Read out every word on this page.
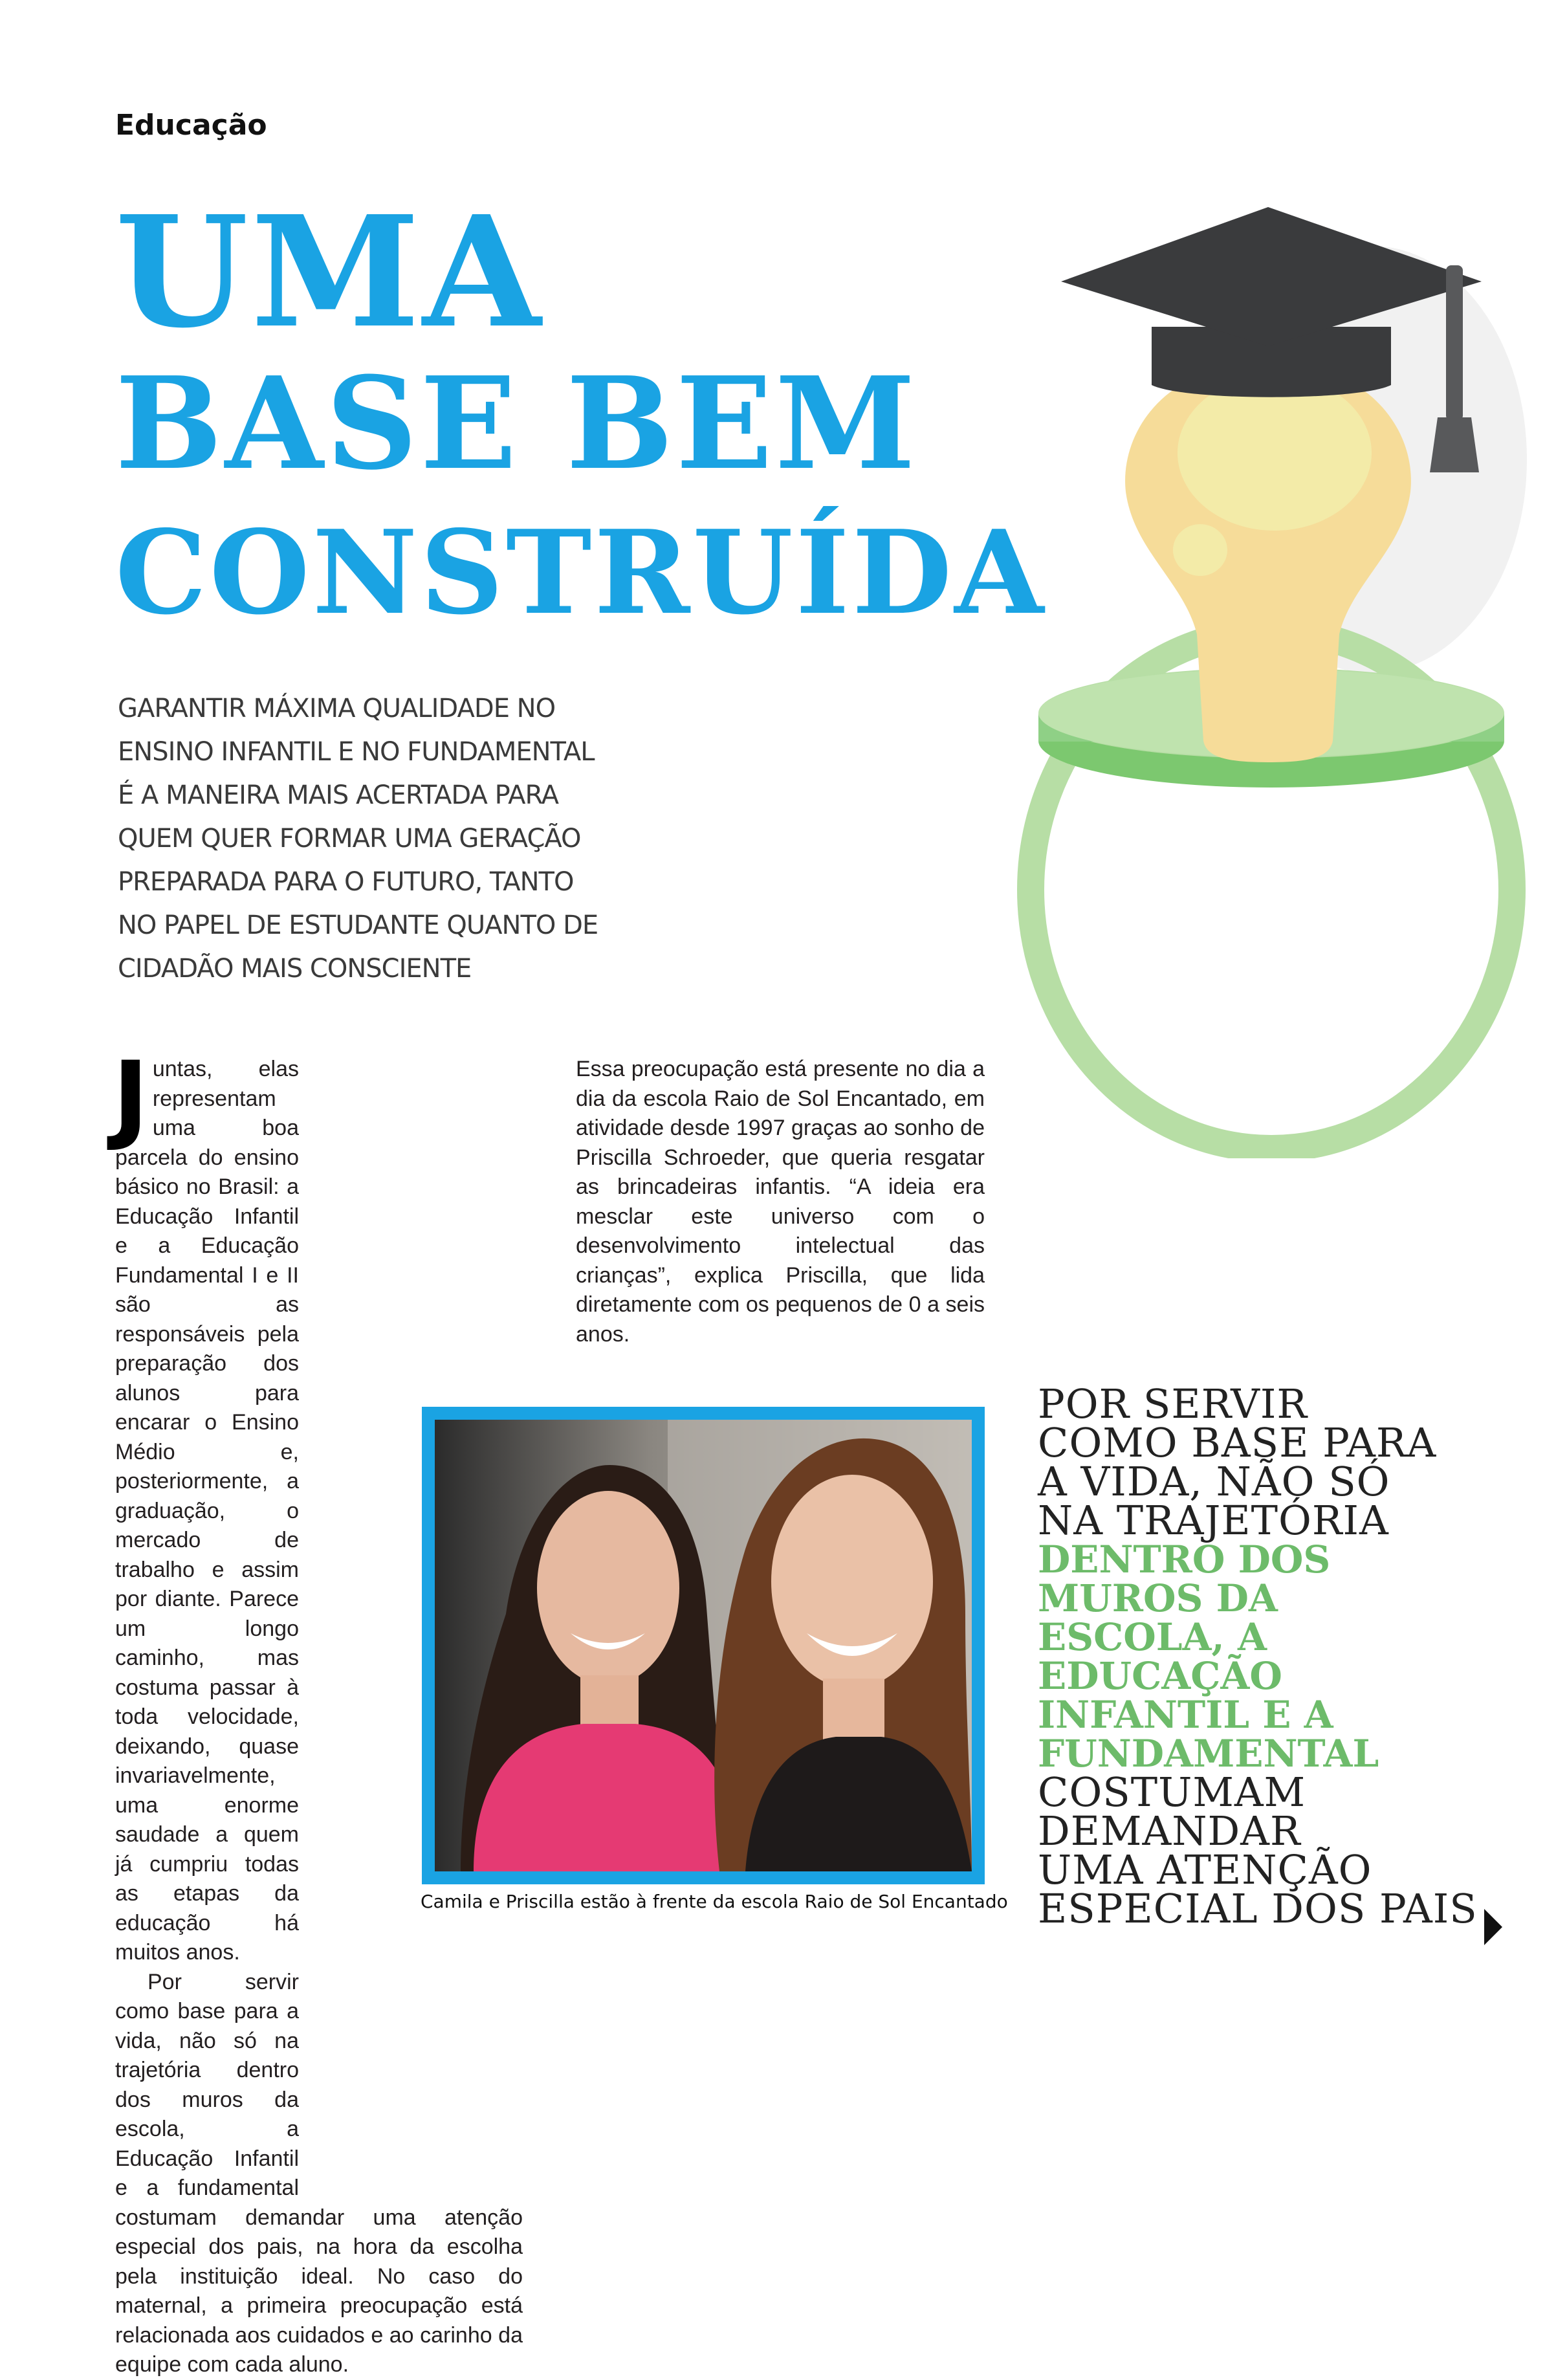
Educação
UMA
BASE BEM
CONSTRUÍDA
GARANTIR MÁXIMA QUALIDADE NO
ENSINO INFANTIL E NO FUNDAMENTAL
É A MANEIRA MAIS ACERTADA PARA
QUEM QUER FORMAR UMA GERAÇÃO
PREPARADA PARA O FUTURO, TANTO
NO PAPEL DE ESTUDANTE QUANTO DE
CIDADÃO MAIS CONSCIENTE

Juntas, elas representam uma boa parcela do ensino básico no Brasil: a Educação Infantil e a Educação Fundamental I e II são as responsáveis pela preparação dos alunos para encarar o Ensino Médio e, posteriormente, a graduação, o mercado de trabalho e assim por diante. Parece um longo caminho, mas costuma passar à toda velocidade, deixando, quase invariavelmente, uma enorme saudade a quem já cumpriu todas as etapas da educação há muitos anos.

Por servir como base para a vida, não só na trajetória dentro dos muros da escola, a Educação Infantil e a fundamental costumam demandar uma atenção especial dos pais, na hora da escolha pela instituição ideal. No caso do maternal, a primeira preocupação está relacionada aos cuidados e ao carinho da equipe com cada aluno.

Essa preocupação está presente no dia a dia da escola Raio de Sol Encantado, em atividade desde 1997 graças ao sonho de Priscilla Schroeder, que queria resgatar as brincadeiras infantis. “A ideia era mesclar este universo com o desenvolvimento intelectual das crianças”, explica Priscilla, que lida diretamente com os pequenos de 0 a seis anos.

Camila e Priscilla estão à frente da escola Raio de Sol Encantado
POR SERVIR
COMO BASE PARA
A VIDA, NÃO SÓ
NA TRAJETÓRIA
DENTRO DOS
MUROS DA
ESCOLA, A
EDUCAÇÃO
INFANTIL E A
FUNDAMENTAL
COSTUMAM
DEMANDAR
UMA ATENÇÃO
ESPECIAL DOS PAIS
